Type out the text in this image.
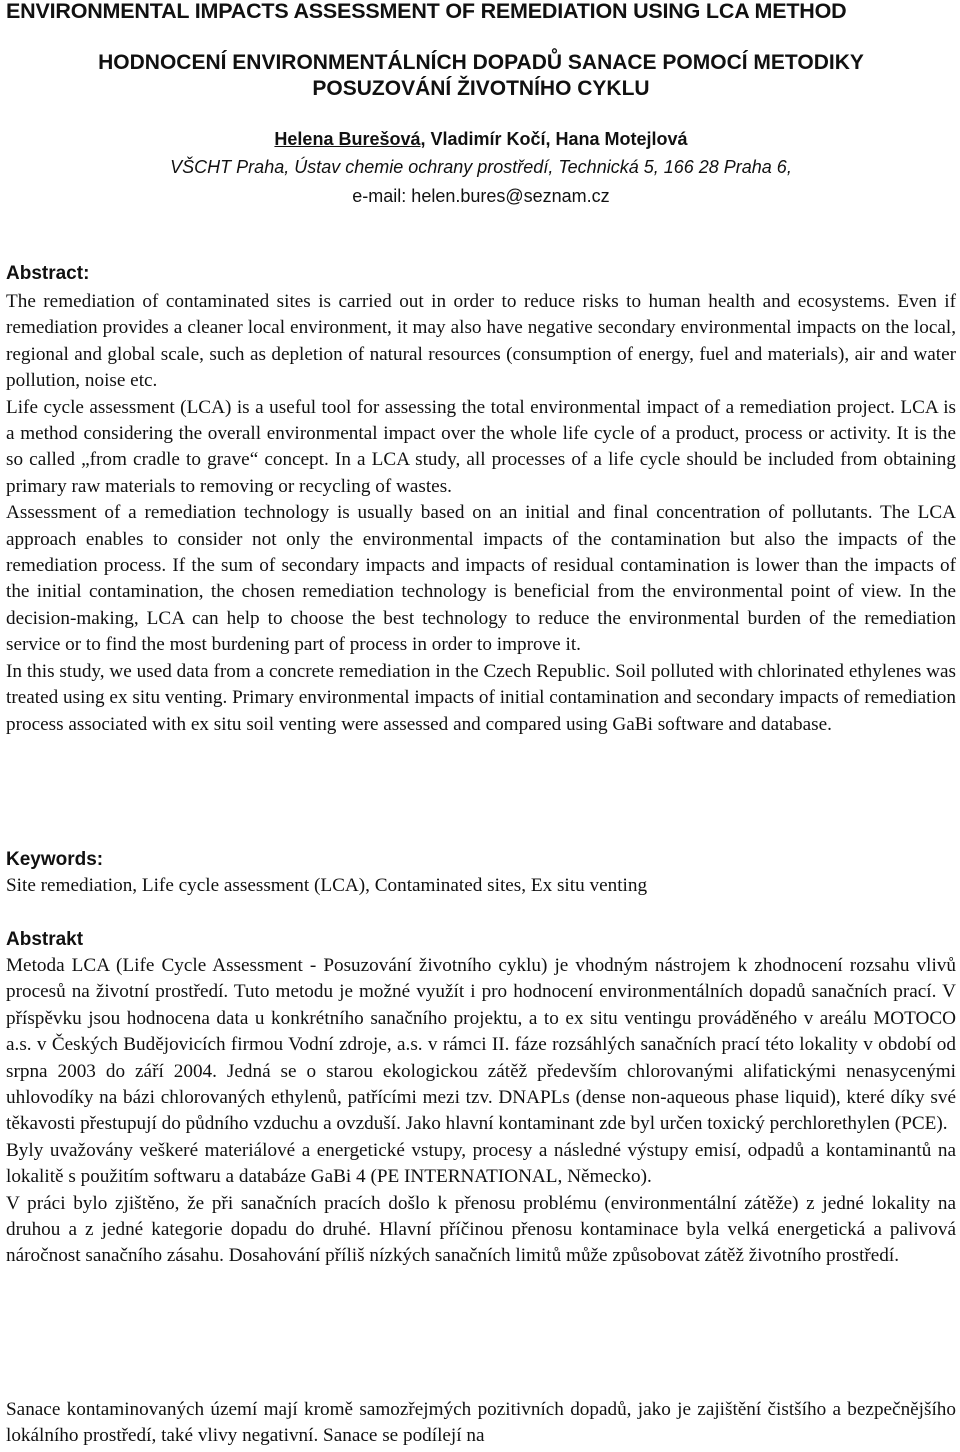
ENVIRONMENTAL IMPACTS ASSESSMENT OF REMEDIATION USING LCA METHOD
HODNOCENÍ ENVIRONMENTÁLNÍCH DOPADŮ SANACE POMOCÍ METODIKY
POSUZOVÁNÍ ŽIVOTNÍHO CYKLU
Helena Burešová, Vladimír Kočí, Hana Motejlová
VŠCHT Praha, Ústav chemie ochrany prostředí, Technická 5, 166 28 Praha 6,
e-mail: helen.bures@seznam.cz
Abstract:

The remediation of contaminated sites is carried out in order to reduce risks to human health and ecosystems. Even if remediation provides a cleaner local environment, it may also have negative secondary environmental impacts on the local, regional and global scale, such as depletion of natural resources (consumption of energy, fuel and materials), air and water pollution, noise etc.

Life cycle assessment (LCA) is a useful tool for assessing the total environmental impact of a remediation project. LCA is a method considering the overall environmental impact over the whole life cycle of a product, process or activity. It is the so called „from cradle to grave“ concept. In a LCA study, all processes of a life cycle should be included from obtaining primary raw materials to removing or recycling of wastes.

Assessment of a remediation technology is usually based on an initial and final concentration of pollutants. The LCA approach enables to consider not only the environmental impacts of the contamination but also the impacts of the remediation process. If the sum of secondary impacts and impacts of residual contamination is lower than the impacts of the initial contamination, the chosen remediation technology is beneficial from the environmental point of view. In the decision-making, LCA can help to choose the best technology to reduce the environmental burden of the remediation service or to find the most burdening part of process in order to improve it.

In this study, we used data from a concrete remediation in the Czech Republic. Soil polluted with chlorinated ethylenes was treated using ex situ venting. Primary environmental impacts of initial contamination and secondary impacts of remediation process associated with ex situ soil venting were assessed and compared using GaBi software and database.

Keywords:
Site remediation, Life cycle assessment (LCA), Contaminated sites, Ex situ venting
Abstrakt

Metoda LCA (Life Cycle Assessment - Posuzování životního cyklu) je vhodným nástrojem k zhodnocení rozsahu vlivů procesů na životní prostředí. Tuto metodu je možné využít i pro hodnocení environmentálních dopadů sanačních prací. V příspěvku jsou hodnocena data u konkrétního sanačního projektu, a to ex situ ventingu prováděného v areálu MOTOCO a.s. v Českých Budějovicích firmou Vodní zdroje, a.s. v rámci II. fáze rozsáhlých sanačních prací této lokality v období od srpna 2003 do září 2004. Jedná se o starou ekologickou zátěž především chlorovanými alifatickými nenasycenými uhlovodíky na bázi chlorovaných ethylenů, patřícími mezi tzv. DNAPLs (dense non-aqueous phase liquid), které díky své těkavosti přestupují do půdního vzduchu a ovzduší. Jako hlavní kontaminant zde byl určen toxický perchlorethylen (PCE).

Byly uvažovány veškeré materiálové a energetické vstupy, procesy a následné výstupy emisí, odpadů a kontaminantů na lokalitě s použitím softwaru a databáze GaBi 4 (PE INTERNATIONAL, Německo).

V práci bylo zjištěno, že při sanačních pracích došlo k přenosu problému (environmentální zátěže) z jedné lokality na druhou a z jedné kategorie dopadu do druhé. Hlavní příčinou přenosu kontaminace byla velká energetická a palivová náročnost sanačního zásahu. Dosahování příliš nízkých sanačních limitů může způsobovat zátěž životního prostředí.

Sanace kontaminovaných území mají kromě samozřejmých pozitivních dopadů, jako je zajištění čistšího a bezpečnějšího lokálního prostředí, také vlivy negativní. Sanace se podílejí na
